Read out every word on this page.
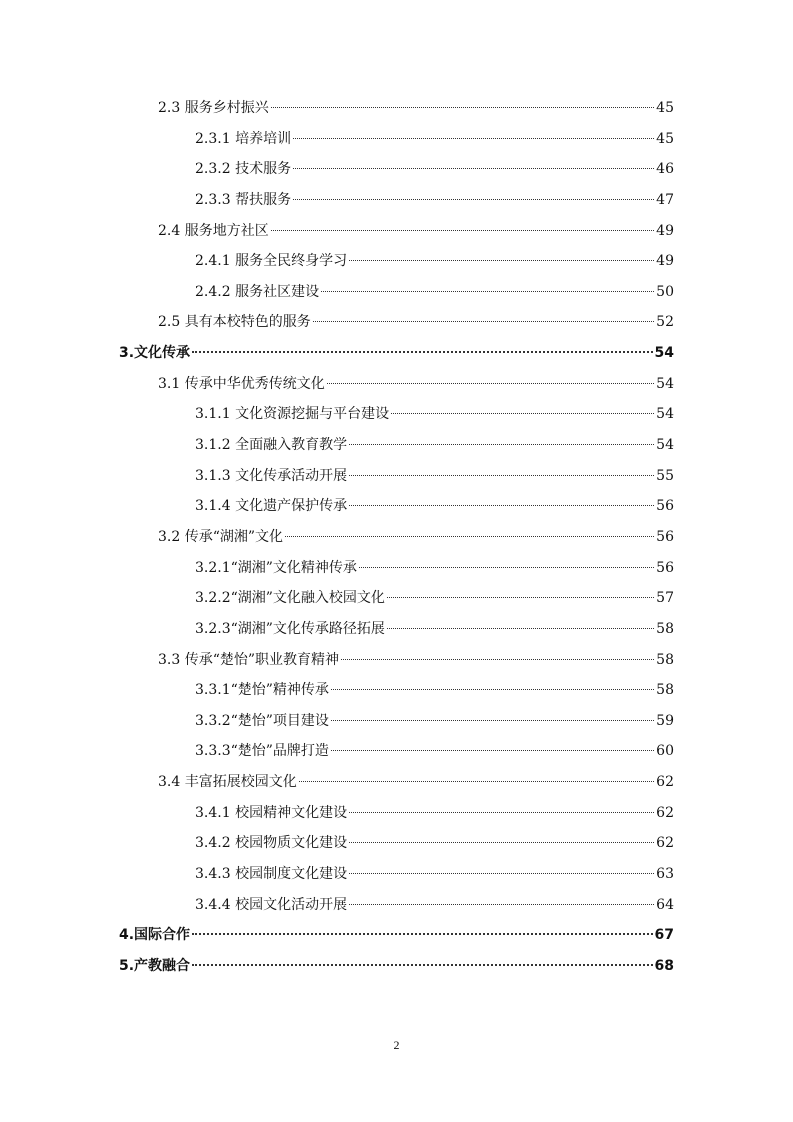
2.3 服务乡村振兴	45
2.3.1 培养培训	45
2.3.2 技术服务	46
2.3.3 帮扶服务	47
2.4 服务地方社区	49
2.4.1 服务全民终身学习	49
2.4.2 服务社区建设	50
2.5 具有本校特色的服务	52
3.文化传承	54
3.1 传承中华优秀传统文化	54
3.1.1 文化资源挖掘与平台建设	54
3.1.2 全面融入教育教学	54
3.1.3 文化传承活动开展	55
3.1.4 文化遗产保护传承	56
3.2 传承“湖湘”文化	56
3.2.1“湖湘”文化精神传承	56
3.2.2“湖湘”文化融入校园文化	57
3.2.3“湖湘”文化传承路径拓展	58
3.3 传承“楚怡”职业教育精神	58
3.3.1“楚怡”精神传承	58
3.3.2“楚怡”项目建设	59
3.3.3“楚怡”品牌打造	60
3.4 丰富拓展校园文化	62
3.4.1 校园精神文化建设	62
3.4.2 校园物质文化建设	62
3.4.3 校园制度文化建设	63
3.4.4 校园文化活动开展	64
4.国际合作	67
5.产教融合	68
2
